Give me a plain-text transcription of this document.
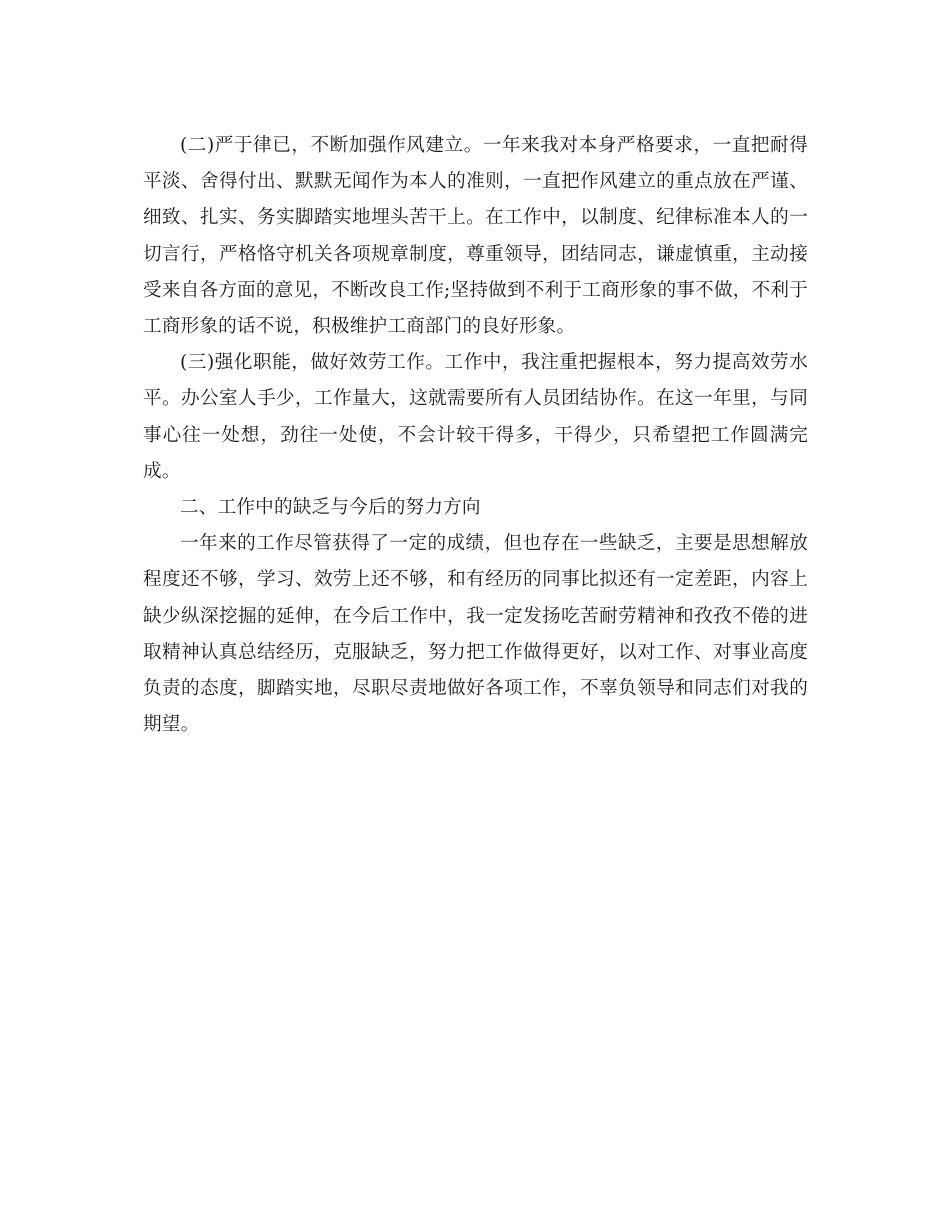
(二)严于律已，不断加强作风建立。一年来我对本身严格要求，一直把耐得平淡、舍得付出、默默无闻作为本人的准则，一直把作风建立的重点放在严谨、细致、扎实、务实脚踏实地埋头苦干上。在工作中，以制度、纪律标准本人的一切言行，严格恪守机关各项规章制度，尊重领导，团结同志，谦虚慎重，主动接受来自各方面的意见，不断改良工作;坚持做到不利于工商形象的事不做，不利于工商形象的话不说，积极维护工商部门的良好形象。

(三)强化职能，做好效劳工作。工作中，我注重把握根本，努力提高效劳水平。办公室人手少，工作量大，这就需要所有人员团结协作。在这一年里，与同事心往一处想，劲往一处使，不会计较干得多，干得少，只希望把工作圆满完成。

二、工作中的缺乏与今后的努力方向

一年来的工作尽管获得了一定的成绩，但也存在一些缺乏，主要是思想解放程度还不够，学习、效劳上还不够，和有经历的同事比拟还有一定差距，内容上缺少纵深挖掘的延伸，在今后工作中，我一定发扬吃苦耐劳精神和孜孜不倦的进取精神认真总结经历，克服缺乏，努力把工作做得更好，以对工作、对事业高度负责的态度，脚踏实地，尽职尽责地做好各项工作，不辜负领导和同志们对我的期望。
